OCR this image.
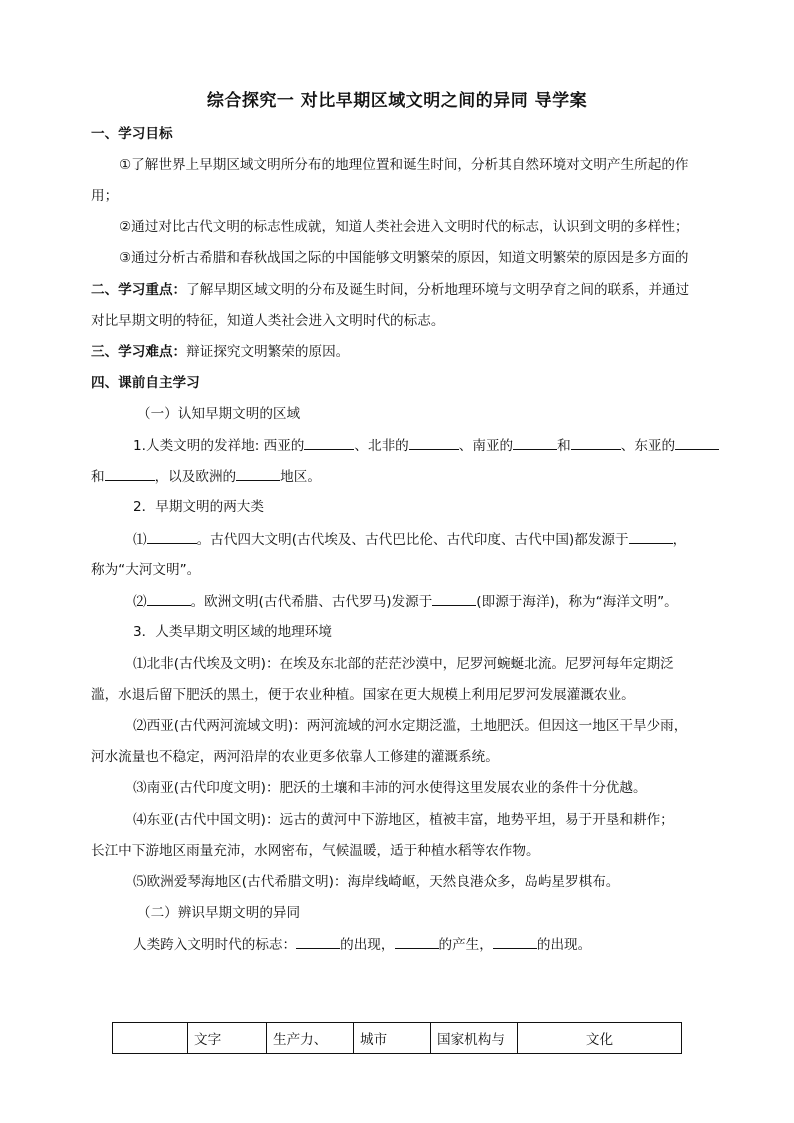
综合探究一 对比早期区域文明之间的异同 导学案
一、学习目标
①了解世界上早期区域文明所分布的地理位置和诞生时间，分析其自然环境对文明产生所起的作
用；
②通过对比古代文明的标志性成就，知道人类社会进入文明时代的标志，认识到文明的多样性；
③通过分析古希腊和春秋战国之际的中国能够文明繁荣的原因，知道文明繁荣的原因是多方面的
二、学习重点：了解早期区域文明的分布及诞生时间，分析地理环境与文明孕育之间的联系，并通过
对比早期文明的特征，知道人类社会进入文明时代的标志。
三、学习难点：辩证探究文明繁荣的原因。
四、课前自主学习
（一）认知早期文明的区域
1.人类文明的发祥地: 西亚的	、北非的	、南亚的	和	、东亚的
和	，以及欧洲的	地区。
2．早期文明的两大类
⑴	。古代四大文明(古代埃及、古代巴比伦、古代印度、古代中国)都发源于	，
称为“大河文明”。
⑵	。欧洲文明(古代希腊、古代罗马)发源于	(即源于海洋)，称为“海洋文明”。
3．人类早期文明区域的地理环境
⑴北非(古代埃及文明)：在埃及东北部的茫茫沙漠中，尼罗河蜿蜒北流。尼罗河每年定期泛
滥，水退后留下肥沃的黑土，便于农业种植。国家在更大规模上利用尼罗河发展灌溉农业。
⑵西亚(古代两河流域文明)：两河流域的河水定期泛滥，土地肥沃。但因这一地区干旱少雨，
河水流量也不稳定，两河沿岸的农业更多依靠人工修建的灌溉系统。
⑶南亚(古代印度文明)：肥沃的土壤和丰沛的河水使得这里发展农业的条件十分优越。
⑷东亚(古代中国文明)：远古的黄河中下游地区，植被丰富，地势平坦，易于开垦和耕作；
长江中下游地区雨量充沛，水网密布，气候温暖，适于种植水稻等农作物。
⑸欧洲爱琴海地区(古代希腊文明)：海岸线崎岖，天然良港众多，岛屿星罗棋布。
（二）辨识早期文明的异同
人类跨入文明时代的标志：	的出现，	的产生，	的出现。
	文字	生产力、	城市	国家机构与	文化
